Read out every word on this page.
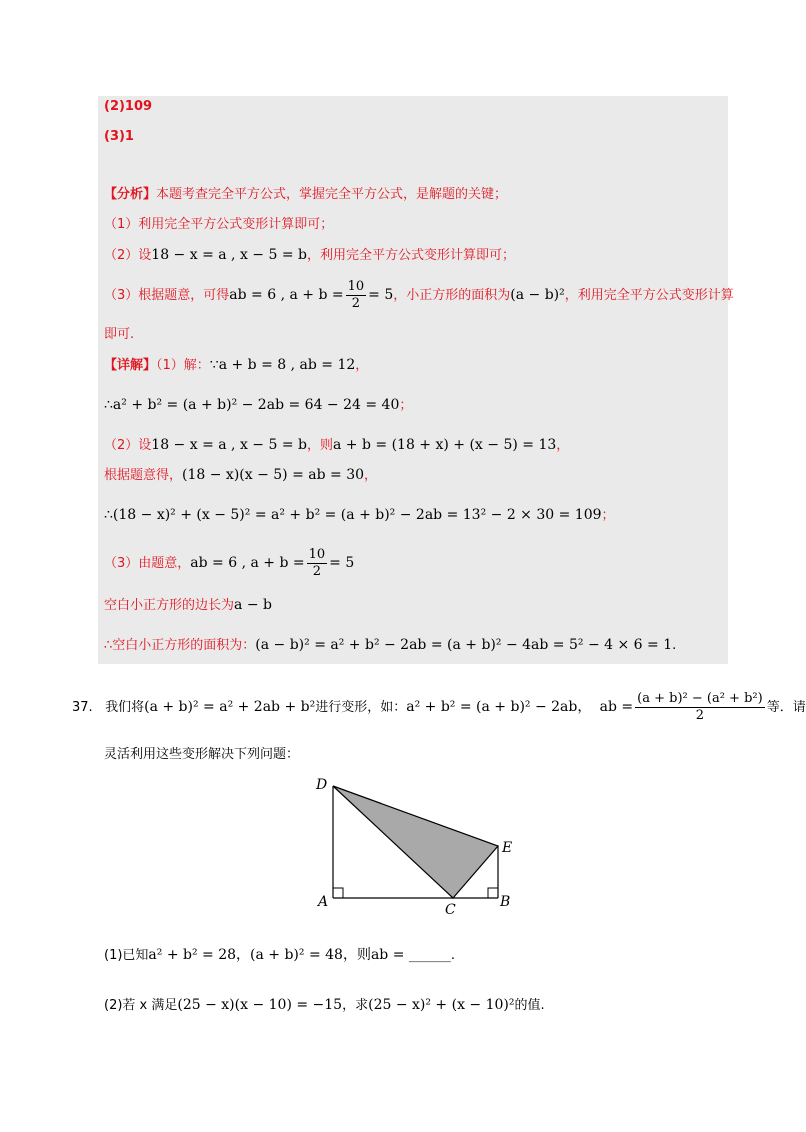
(2)109
(3)1
【分析】本题考查完全平方公式，掌握完全平方公式，是解题的关键；
（1）利用完全平方公式变形计算即可；
（2）设18 − x = a , x − 5 = b，利用完全平方公式变形计算即可；
（3）根据题意，可得ab = 6 , $a + b = \frac{10}{2} = 5$，小正方形的面积为(a − b)²，利用完全平方公式变形计算
即可.
【详解】（1）解：∵a + b = 8 , ab = 12，
∴a² + b² = (a + b)² − 2ab = 64 − 24 = 40；
（2）设18 − x = a , x − 5 = b，则a + b = (18 + x) + (x − 5) = 13，
根据题意得，(18 − x)(x − 5) = ab = 30，
∴(18 − x)² + (x − 5)² = a² + b² = (a + b)² − 2ab = 13² − 2 × 30 = 109；
（3）由题意，ab = 6 , $a + b = \frac{10}{2} = 5$
空白小正方形的边长为a − b
∴空白小正方形的面积为：(a − b)² = a² + b² − 2ab = (a + b)² − 4ab = 5² − 4 × 6 = 1.
37. 我们将(a + b)² = a² + 2ab + b²进行变形，如：a² + b² = (a + b)² − 2ab， ab = $\frac{\text{(a + b)² − (a² + b²)}}{2}$ 等．请
灵活利用这些变形解决下列问题：
D
E
A	C	B
(1)已知a² + b² = 28，(a + b)² = 48，则ab = ______.
(2)若 x 满足(25 − x)(x − 10) = −15，求(25 − x)² + (x − 10)²的值.
